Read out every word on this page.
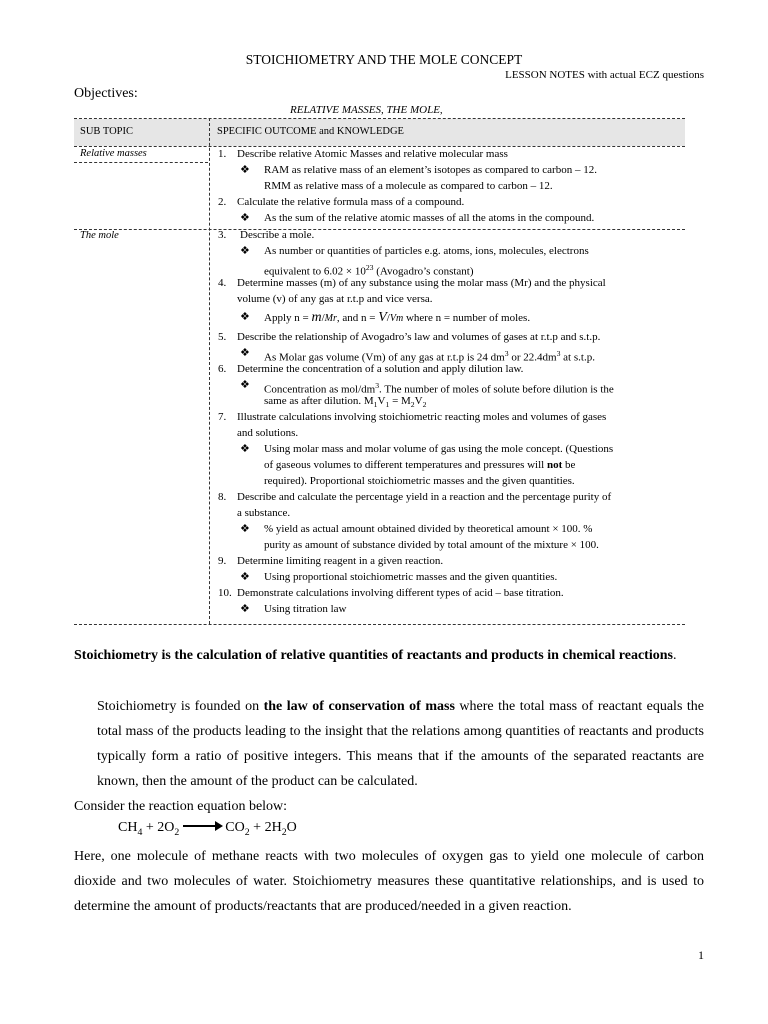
STOICHIOMETRY AND THE MOLE CONCEPT
LESSON NOTES with actual ECZ questions
Objectives:
RELATIVE MASSES, THE MOLE,
SUB TOPIC	SPECIFIC OUTCOME and KNOWLEDGE
Relative masses
The mole
1. Describe relative Atomic Masses and relative molecular mass
❖ RAM as relative mass of an element’s isotopes as compared to carbon – 12.
RMM as relative mass of a molecule as compared to carbon – 12.
2. Calculate the relative formula mass of a compound.
❖ As the sum of the relative atomic masses of all the atoms in the compound.
3. Describe a mole.
❖ As number or quantities of particles e.g. atoms, ions, molecules, electrons
equivalent to $6.02 \times 10^{23}$ (Avogadro’s constant)
4. Determine masses (m) of any substance using the molar mass (Mr) and the physical
volume (v) of any gas at r.t.p and vice versa.
❖ Apply n = m/Mr, and n = V/Vm where n = number of moles.
5. Describe the relationship of Avogadro’s law and volumes of gases at r.t.p and s.t.p.
❖ As Molar gas volume (Vm) of any gas at r.t.p is 24 $dm^3$ or $22.4dm^3$ at s.t.p.
6. Determine the concentration of a solution and apply dilution law.
❖ Concentration as mol/$dm^3$. The number of moles of solute before dilution is the
same as after dilution. $M_1V_1 = M_2V_2$
7. Illustrate calculations involving stoichiometric reacting moles and volumes of gases
and solutions.
❖ Using molar mass and molar volume of gas using the mole concept. (Questions
of gaseous volumes to different temperatures and pressures will not be
required). Proportional stoichiometric masses and the given quantities.
8. Describe and calculate the percentage yield in a reaction and the percentage purity of
a substance.
❖ % yield as actual amount obtained divided by theoretical amount × 100. %
purity as amount of substance divided by total amount of the mixture × 100.
9. Determine limiting reagent in a given reaction.
❖ Using proportional stoichiometric masses and the given quantities.
10. Demonstrate calculations involving different types of acid – base titration.
❖ Using titration law
Stoichiometry is the calculation of relative quantities of reactants and products in chemical reactions.
Stoichiometry is founded on the law of conservation of mass where the total mass of reactant equals the total mass of the products leading to the insight that the relations among quantities of reactants and products typically form a ratio of positive integers. This means that if the amounts of the separated reactants are known, then the amount of the product can be calculated.
Consider the reaction equation below:
$CH_4 + 2O_2 \to CO_2 + 2H_2O$
Here, one molecule of methane reacts with two molecules of oxygen gas to yield one molecule of carbon dioxide and two molecules of water. Stoichiometry measures these quantitative relationships, and is used to determine the amount of products/reactants that are produced/needed in a given reaction.
1
